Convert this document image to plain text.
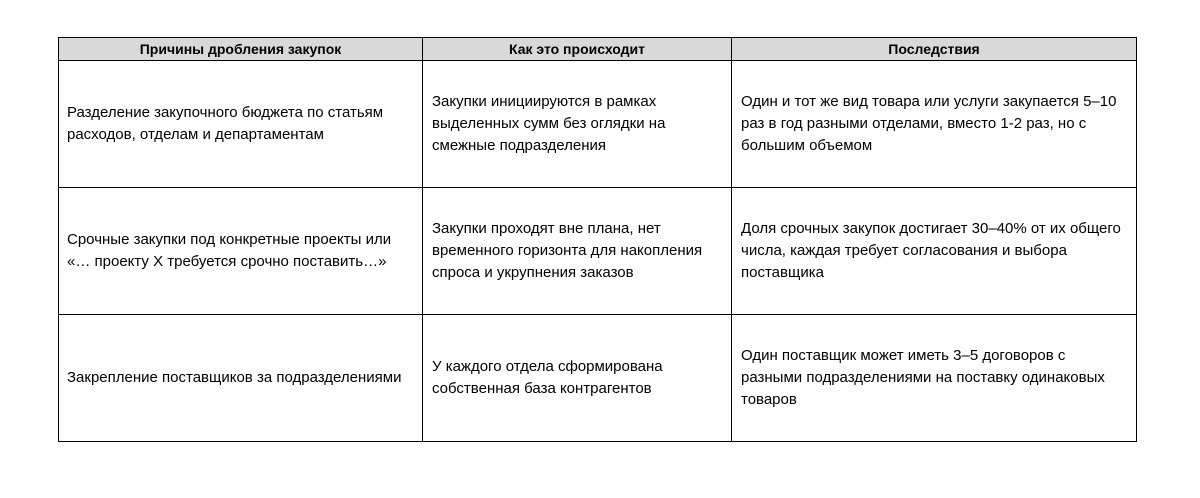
Причины дробления закупок	Как это происходит	Последствия

Разделение закупочного бюджета по статьям расходов, отделам и департаментам	Закупки инициируются в рамках выделенных сумм без оглядки на смежные подразделения	Один и тот же вид товара или услуги закупается 5–10 раз в год разными отделами, вместо 1-2 раз, но с большим объемом

Срочные закупки под конкретные проекты или «… проекту X требуется срочно поставить…»	Закупки проходят вне плана, нет временного горизонта для накопления спроса и укрупнения заказов	Доля срочных закупок достигает 30–40% от их общего числа, каждая требует согласования и выбора поставщика

Закрепление поставщиков за подразделениями	У каждого отдела сформирована собственная база контрагентов	Один поставщик может иметь 3–5 договоров с разными подразделениями на поставку одинаковых товаров
